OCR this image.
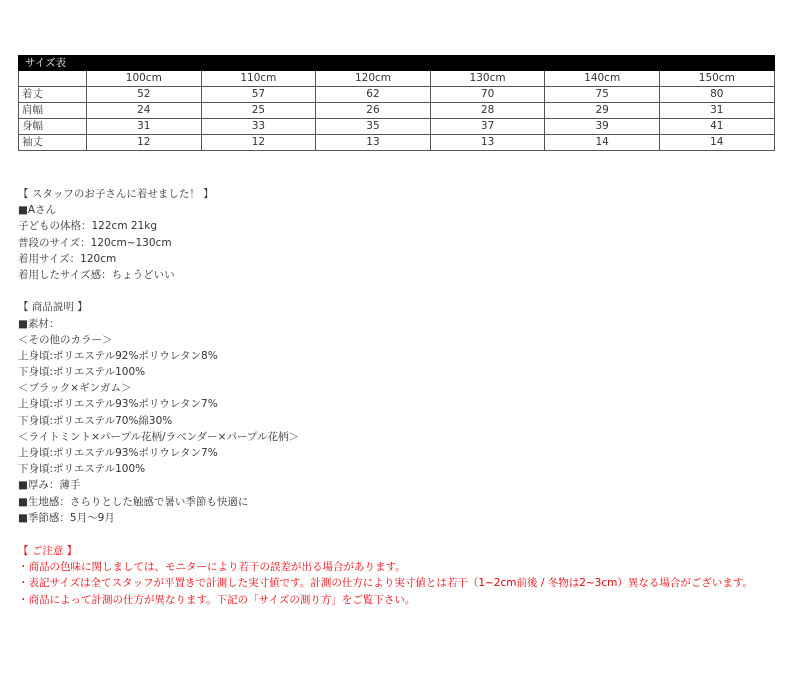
サイズ表						
	100cm	110cm	120cm	130cm	140cm	150cm
着丈	52	57	62	70	75	80
肩幅	24	25	26	28	29	31
身幅	31	33	35	37	39	41
袖丈	12	12	13	13	14	14
【 スタッフのお子さんに着せました！ 】
■Aさん
子どもの体格：122cm 21kg
普段のサイズ：120cm~130cm
着用サイズ：120cm
着用したサイズ感：ちょうどいい
【 商品説明 】
■素材：
＜その他のカラー＞
上身頃:ポリエステル92%ポリウレタン8%
下身頃:ポリエステル100%
＜ブラック×ギンガム＞
上身頃:ポリエステル93%ポリウレタン7%
下身頃:ポリエステル70%綿30%
＜ライトミント×パープル花柄/ラベンダー×パープル花柄＞
上身頃:ポリエステル93%ポリウレタン7%
下身頃:ポリエステル100%
■厚み：薄手
■生地感：さらりとした触感で暑い季節も快適に
■季節感：5月～9月
【 ご注意 】
・商品の色味に関しましては、モニターにより若干の誤差が出る場合があります。
・表記サイズは全てスタッフが平置きで計測した実寸値です。計測の仕方により実寸値とは若干（1~2cm前後 / 冬物は2~3cm）異なる場合がございます。
・商品によって計測の仕方が異なります。下記の「サイズの測り方」をご覧下さい。
